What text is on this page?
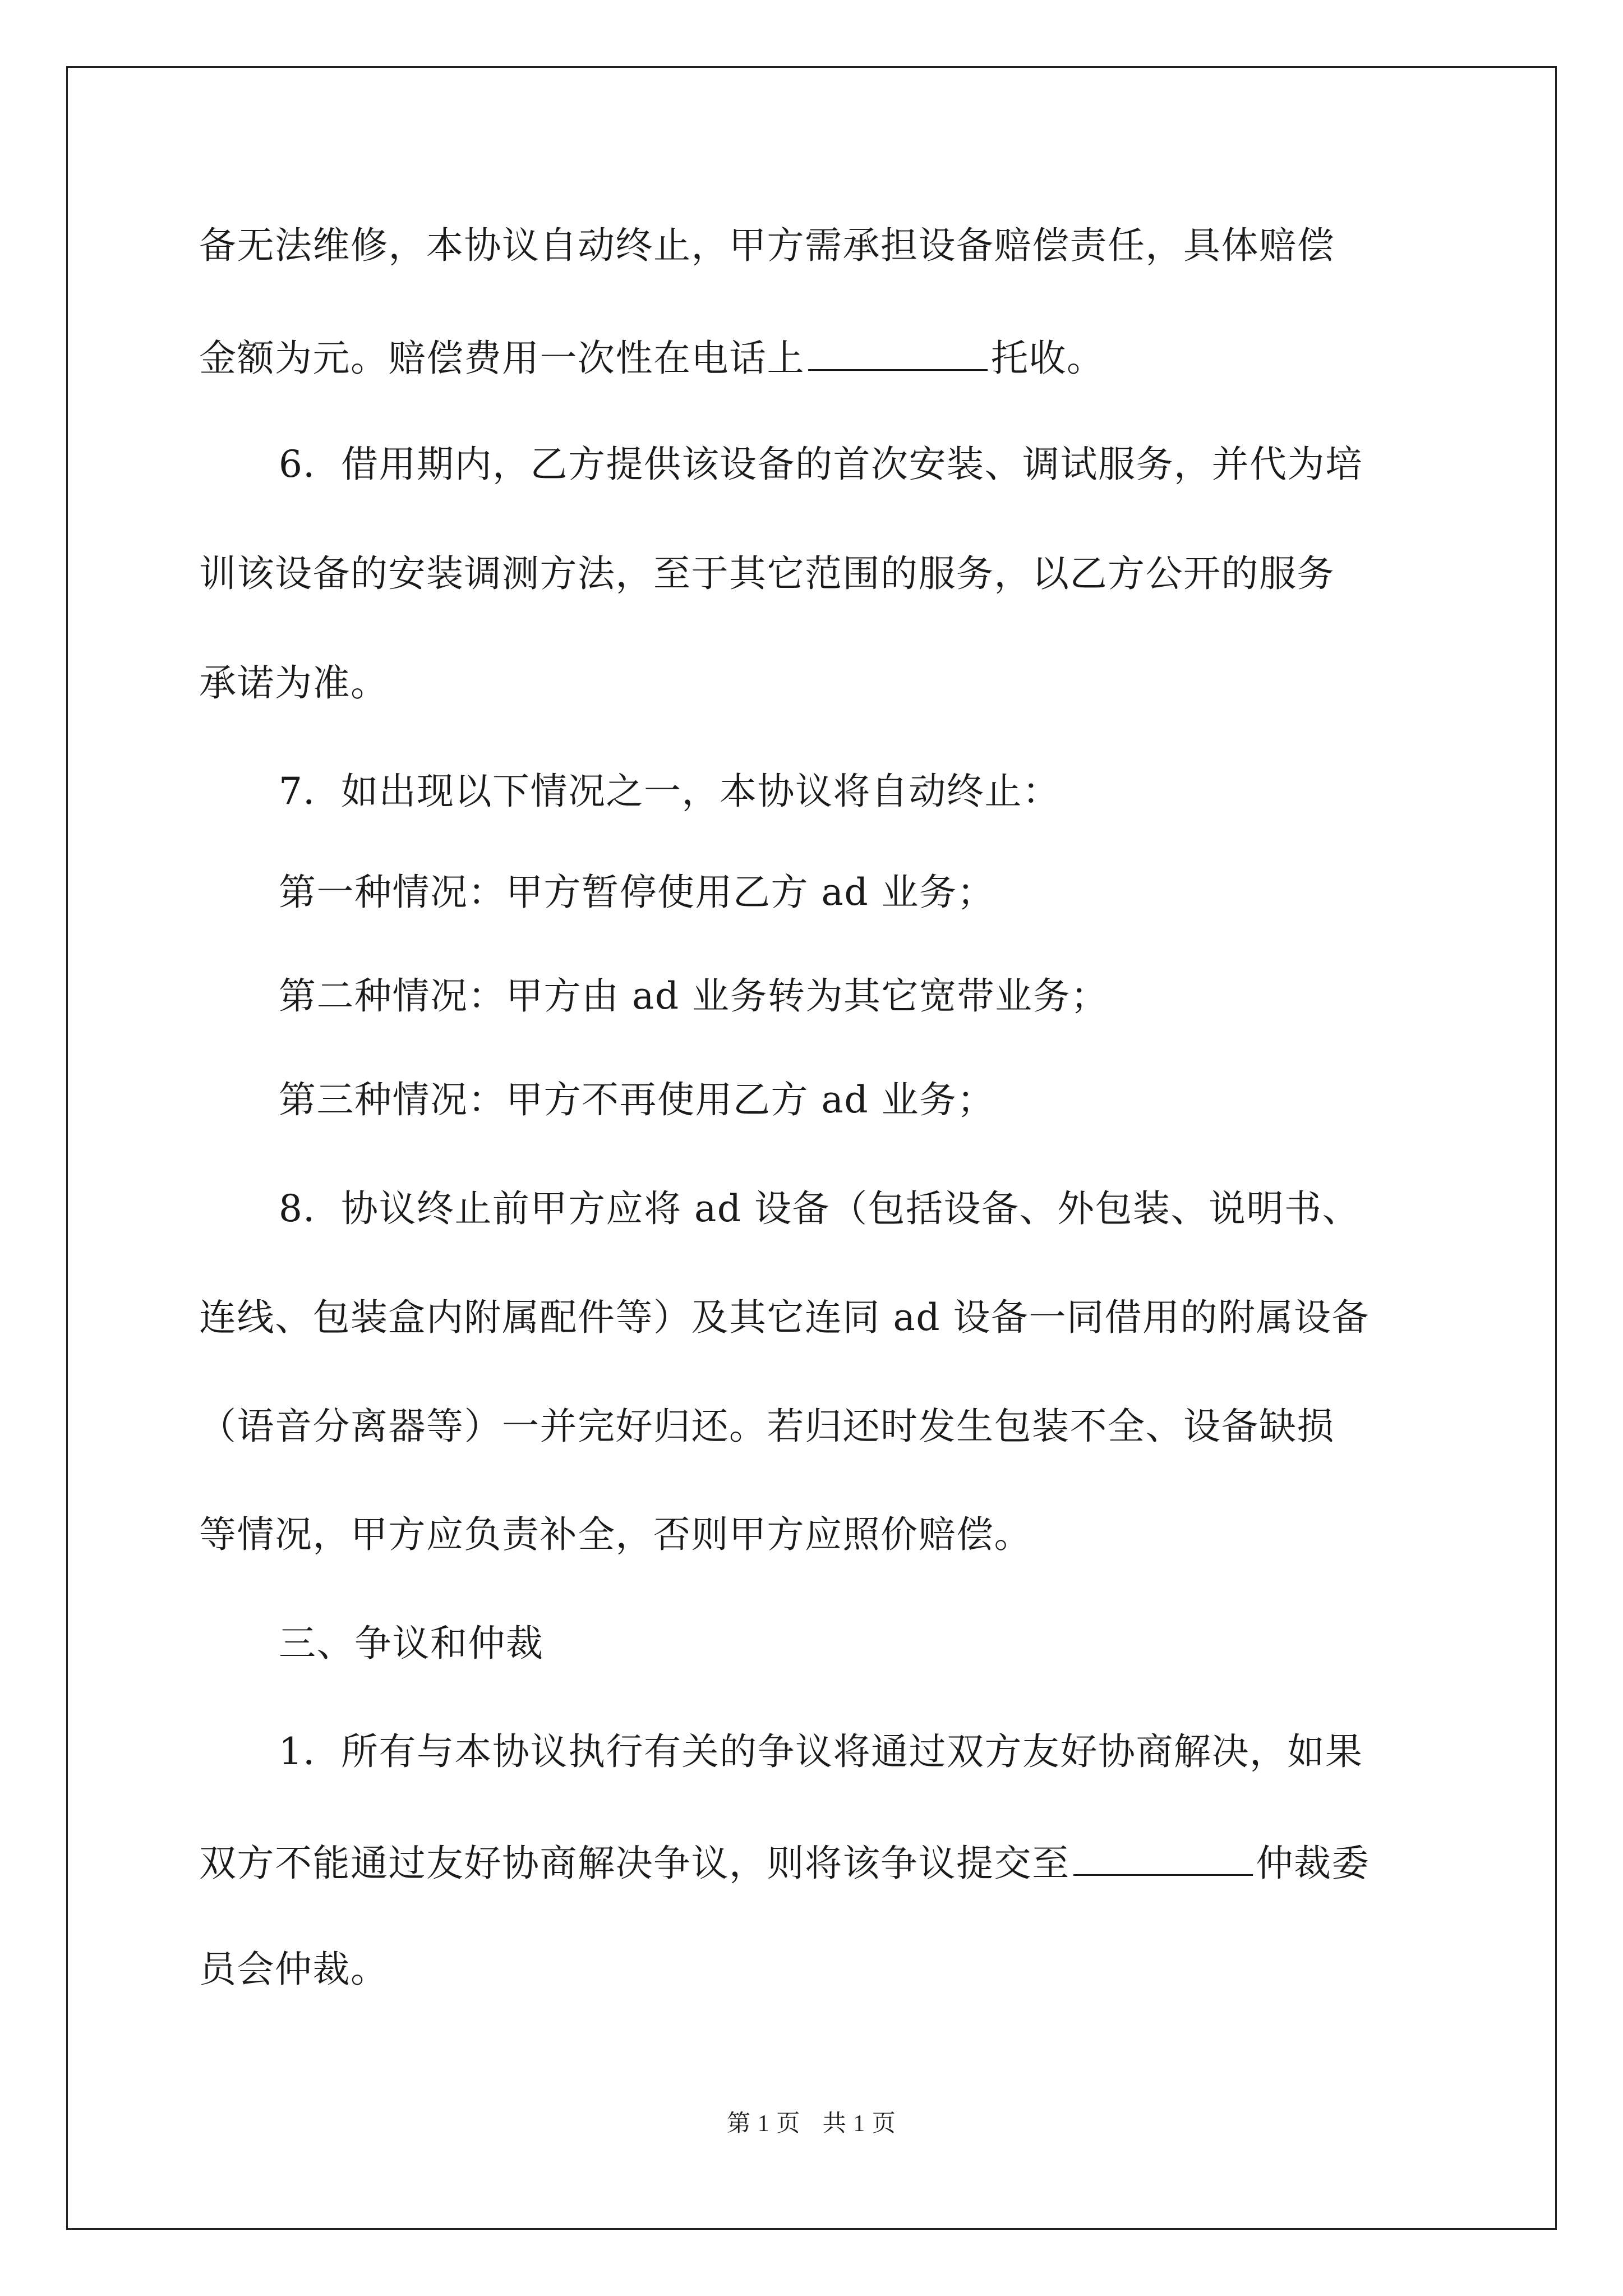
备无法维修，本协议自动终止，甲方需承担设备赔偿责任，具体赔偿
金额为元。赔偿费用一次性在电话上	托收。
6．借用期内，乙方提供该设备的首次安装、调试服务，并代为培
训该设备的安装调测方法，至于其它范围的服务，以乙方公开的服务
承诺为准。
7．如出现以下情况之一，本协议将自动终止：
第一种情况：甲方暂停使用乙方 ad 业务；
第二种情况：甲方由 ad 业务转为其它宽带业务；
第三种情况：甲方不再使用乙方 ad 业务；
8．协议终止前甲方应将 ad 设备（包括设备、外包装、说明书、
连线、包装盒内附属配件等）及其它连同 ad 设备一同借用的附属设备
（语音分离器等）一并完好归还。若归还时发生包装不全、设备缺损
等情况，甲方应负责补全，否则甲方应照价赔偿。
三、争议和仲裁
1．所有与本协议执行有关的争议将通过双方友好协商解决，如果
双方不能通过友好协商解决争议，则将该争议提交至	仲裁委
员会仲裁。
第 1 页 共 1 页
